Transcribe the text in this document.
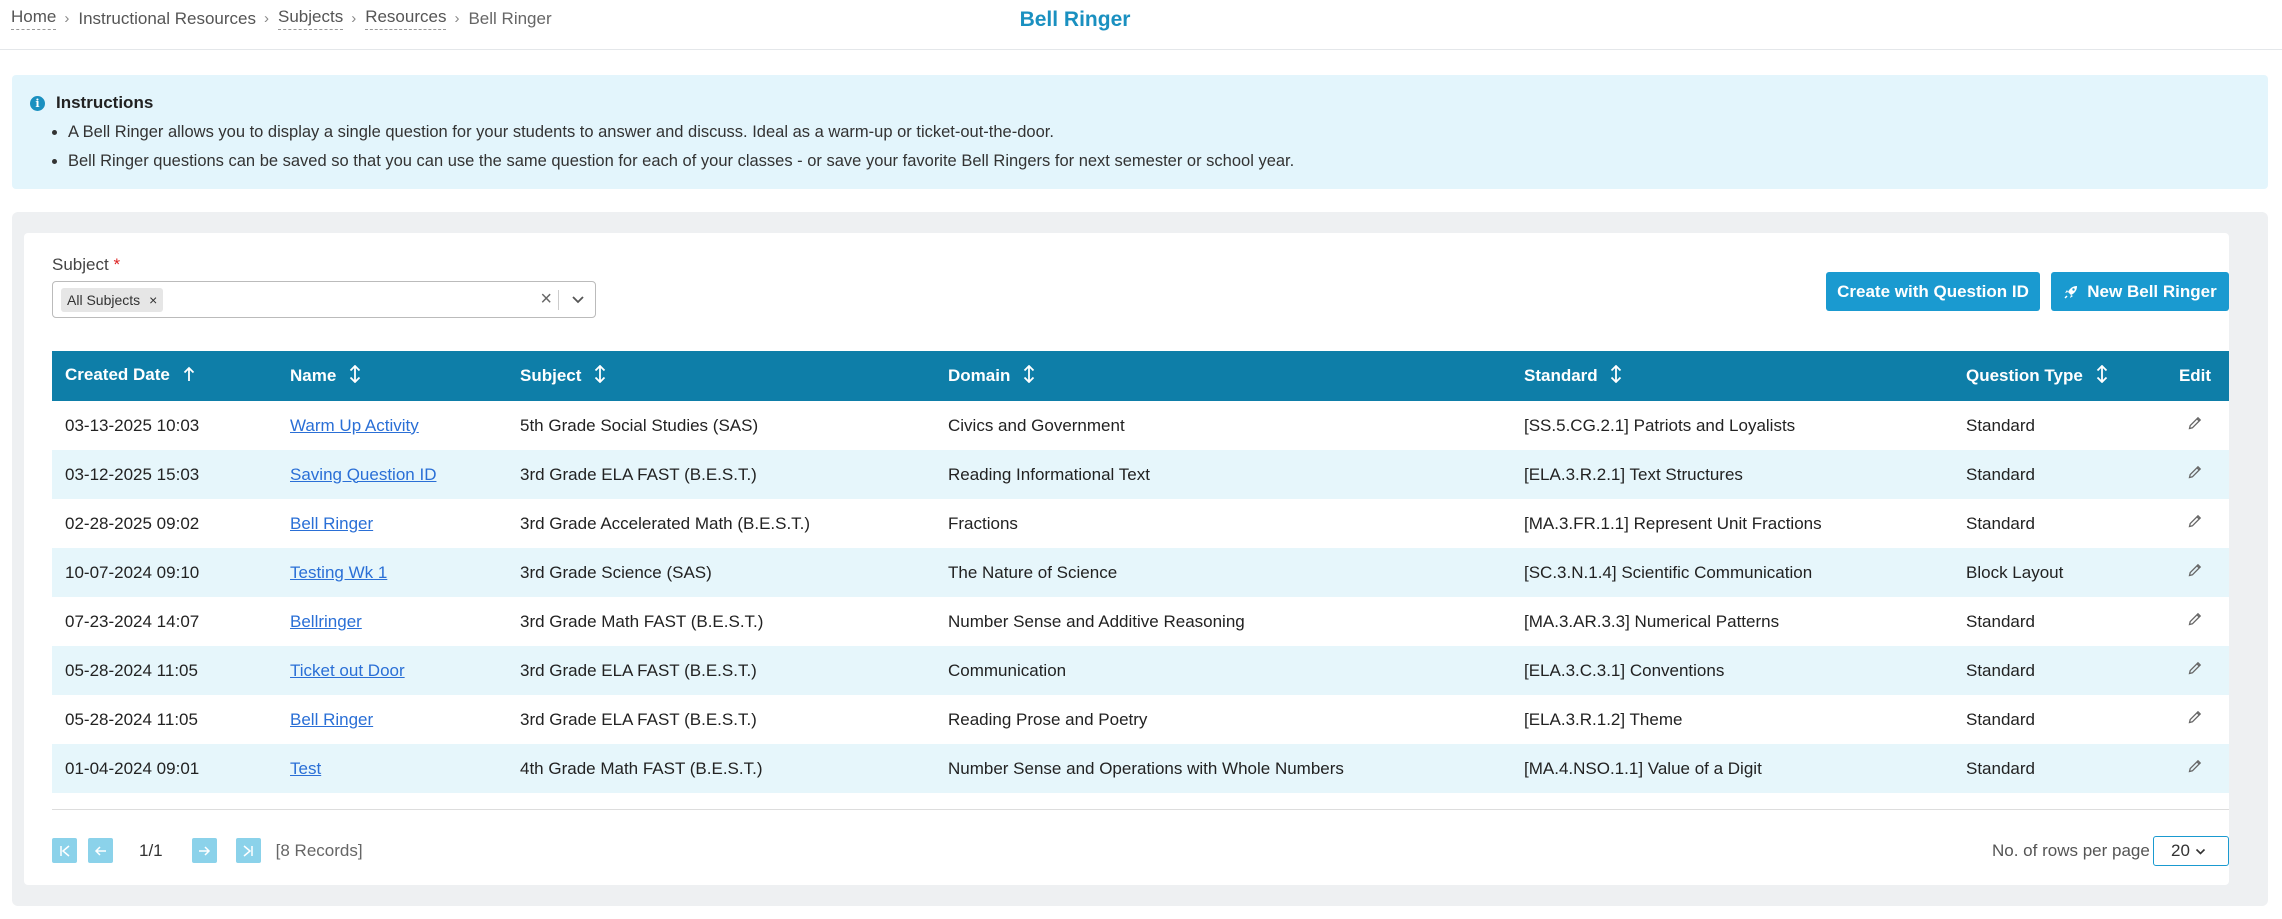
Home › Instructional Resources › Subjects › Resources › Bell Ringer	Bell Ringer
i Instructions
• A Bell Ringer allows you to display a single question for your students to answer and discuss. Ideal as a warm-up or ticket-out-the-door.
• Bell Ringer questions can be saved so that you can use the same question for each of your classes - or save your favorite Bell Ringers for next semester or school year.
Subject *
All Subjects ×	×	Create with Question ID	New Bell Ringer
Created Date	Name	Subject	Domain	Standard	Question Type	Edit
03-13-2025 10:03	Warm Up Activity	5th Grade Social Studies (SAS)	Civics and Government	[SS.5.CG.2.1] Patriots and Loyalists	Standard	
03-12-2025 15:03	Saving Question ID	3rd Grade ELA FAST (B.E.S.T.)	Reading Informational Text	[ELA.3.R.2.1] Text Structures	Standard	
02-28-2025 09:02	Bell Ringer	3rd Grade Accelerated Math (B.E.S.T.)	Fractions	[MA.3.FR.1.1] Represent Unit Fractions	Standard	
10-07-2024 09:10	Testing Wk 1	3rd Grade Science (SAS)	The Nature of Science	[SC.3.N.1.4] Scientific Communication	Block Layout	
07-23-2024 14:07	Bellringer	3rd Grade Math FAST (B.E.S.T.)	Number Sense and Additive Reasoning	[MA.3.AR.3.3] Numerical Patterns	Standard	
05-28-2024 11:05	Ticket out Door	3rd Grade ELA FAST (B.E.S.T.)	Communication	[ELA.3.C.3.1] Conventions	Standard	
05-28-2024 11:05	Bell Ringer	3rd Grade ELA FAST (B.E.S.T.)	Reading Prose and Poetry	[ELA.3.R.1.2] Theme	Standard	
01-04-2024 09:01	Test	4th Grade Math FAST (B.E.S.T.)	Number Sense and Operations with Whole Numbers	[MA.4.NSO.1.1] Value of a Digit	Standard	
1/1	[8 Records]	No. of rows per page 20
